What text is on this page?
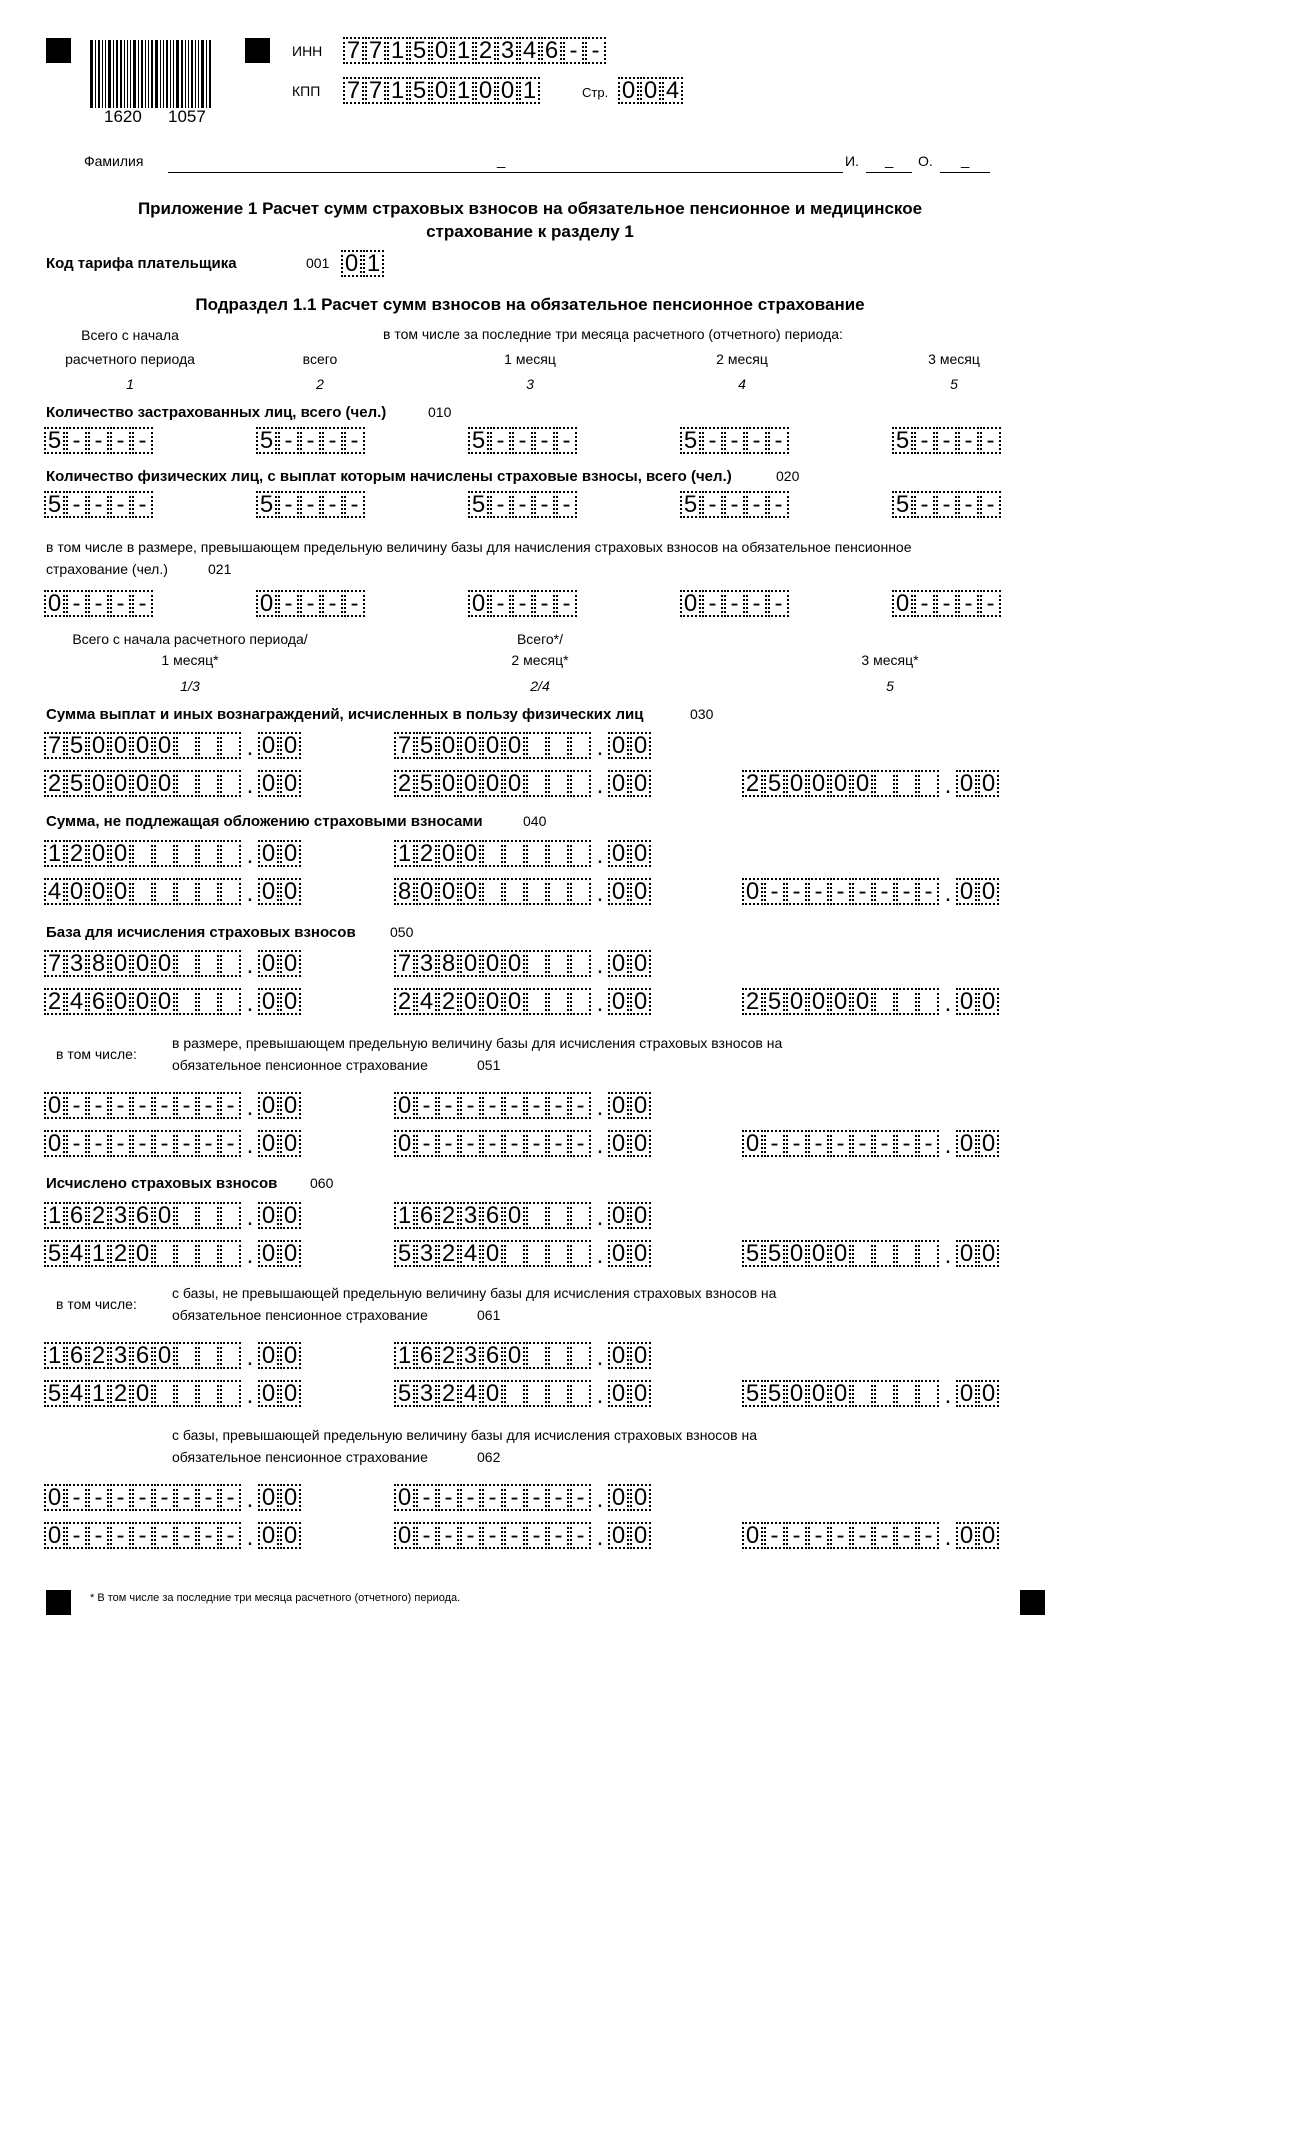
1620 1057
ИНН 7 7 1 5 0 1 2 3 4 6 - -
КПП 7 7 1 5 0 1 0 0 1	Стр. 0 0 4
Фамилия	_	И. _ О. _
Приложение 1 Расчет сумм страховых взносов на обязательное пенсионное и медицинское
страхование к разделу 1
Код тарифа плательщика	001 0 1
Подраздел 1.1 Расчет сумм взносов на обязательное пенсионное страхование
Всего с начала
расчетного периода
в том числе за последние три месяца расчетного (отчетного) периода:
всего	1 месяц	2 месяц	3 месяц
1	2	3	4	5
Количество застрахованных лиц, всего (чел.)	010
5 - - - -	5 - - - -	5 - - - -	5 - - - -	5 - - - -
Количество физических лиц, с выплат которым начислены страховые взносы, всего (чел.)	020
5 - - - -	5 - - - -	5 - - - -	5 - - - -	5 - - - -
в том числе в размере, превышающем предельную величину базы для начисления страховых взносов на обязательное пенсионное
страхование (чел.)	021
0 - - - -	0 - - - -	0 - - - -	0 - - - -	0 - - - -
Всего с начала расчетного периода/
1 месяц*
Всего*/
2 месяц*	3 месяц*
1/3	2/4	5
Сумма выплат и иных вознаграждений, исчисленных в пользу физических лиц	030
7 5 0 0 0 0	. 0 0	7 5 0 0 0 0	. 0 0
2 5 0 0 0 0	. 0 0	2 5 0 0 0 0	. 0 0	2 5 0 0 0 0	. 0 0
Сумма, не подлежащая обложению страховыми взносами	040
1 2 0 0	. 0 0	1 2 0 0	. 0 0
4 0 0 0	. 0 0	8 0 0 0	. 0 0	0 - - - - - - - - . 0 0
База для исчисления страховых взносов 050
7 3 8 0 0 0	. 0 0	7 3 8 0 0 0	. 0 0
2 4 6 0 0 0	. 0 0	2 4 2 0 0 0	. 0 0	2 5 0 0 0 0	. 0 0
в том числе:
в размере, превышающем предельную величину базы для исчисления страховых взносов на
обязательное пенсионное страхование	051
0 - - - - - - - - . 0 0	0 - - - - - - - - . 0 0
0 - - - - - - - - . 0 0	0 - - - - - - - - . 0 0	0 - - - - - - - - . 0 0
Исчислено страховых взносов 060
1 6 2 3 6 0	. 0 0	1 6 2 3 6 0	. 0 0
5 4 1 2 0	. 0 0	5 3 2 4 0	. 0 0	5 5 0 0 0	. 0 0
в том числе:
с базы, не превышающей предельную величину базы для исчисления страховых взносов на
обязательное пенсионное страхование	061
1 6 2 3 6 0	. 0 0	1 6 2 3 6 0	. 0 0
5 4 1 2 0	. 0 0	5 3 2 4 0	. 0 0	5 5 0 0 0	. 0 0
с базы, превышающей предельную величину базы для исчисления страховых взносов на
обязательное пенсионное страхование	062
0 - - - - - - - - . 0 0	0 - - - - - - - - . 0 0
0 - - - - - - - - . 0 0	0 - - - - - - - - . 0 0	0 - - - - - - - - . 0 0
* В том числе за последние три месяца расчетного (отчетного) периода.
